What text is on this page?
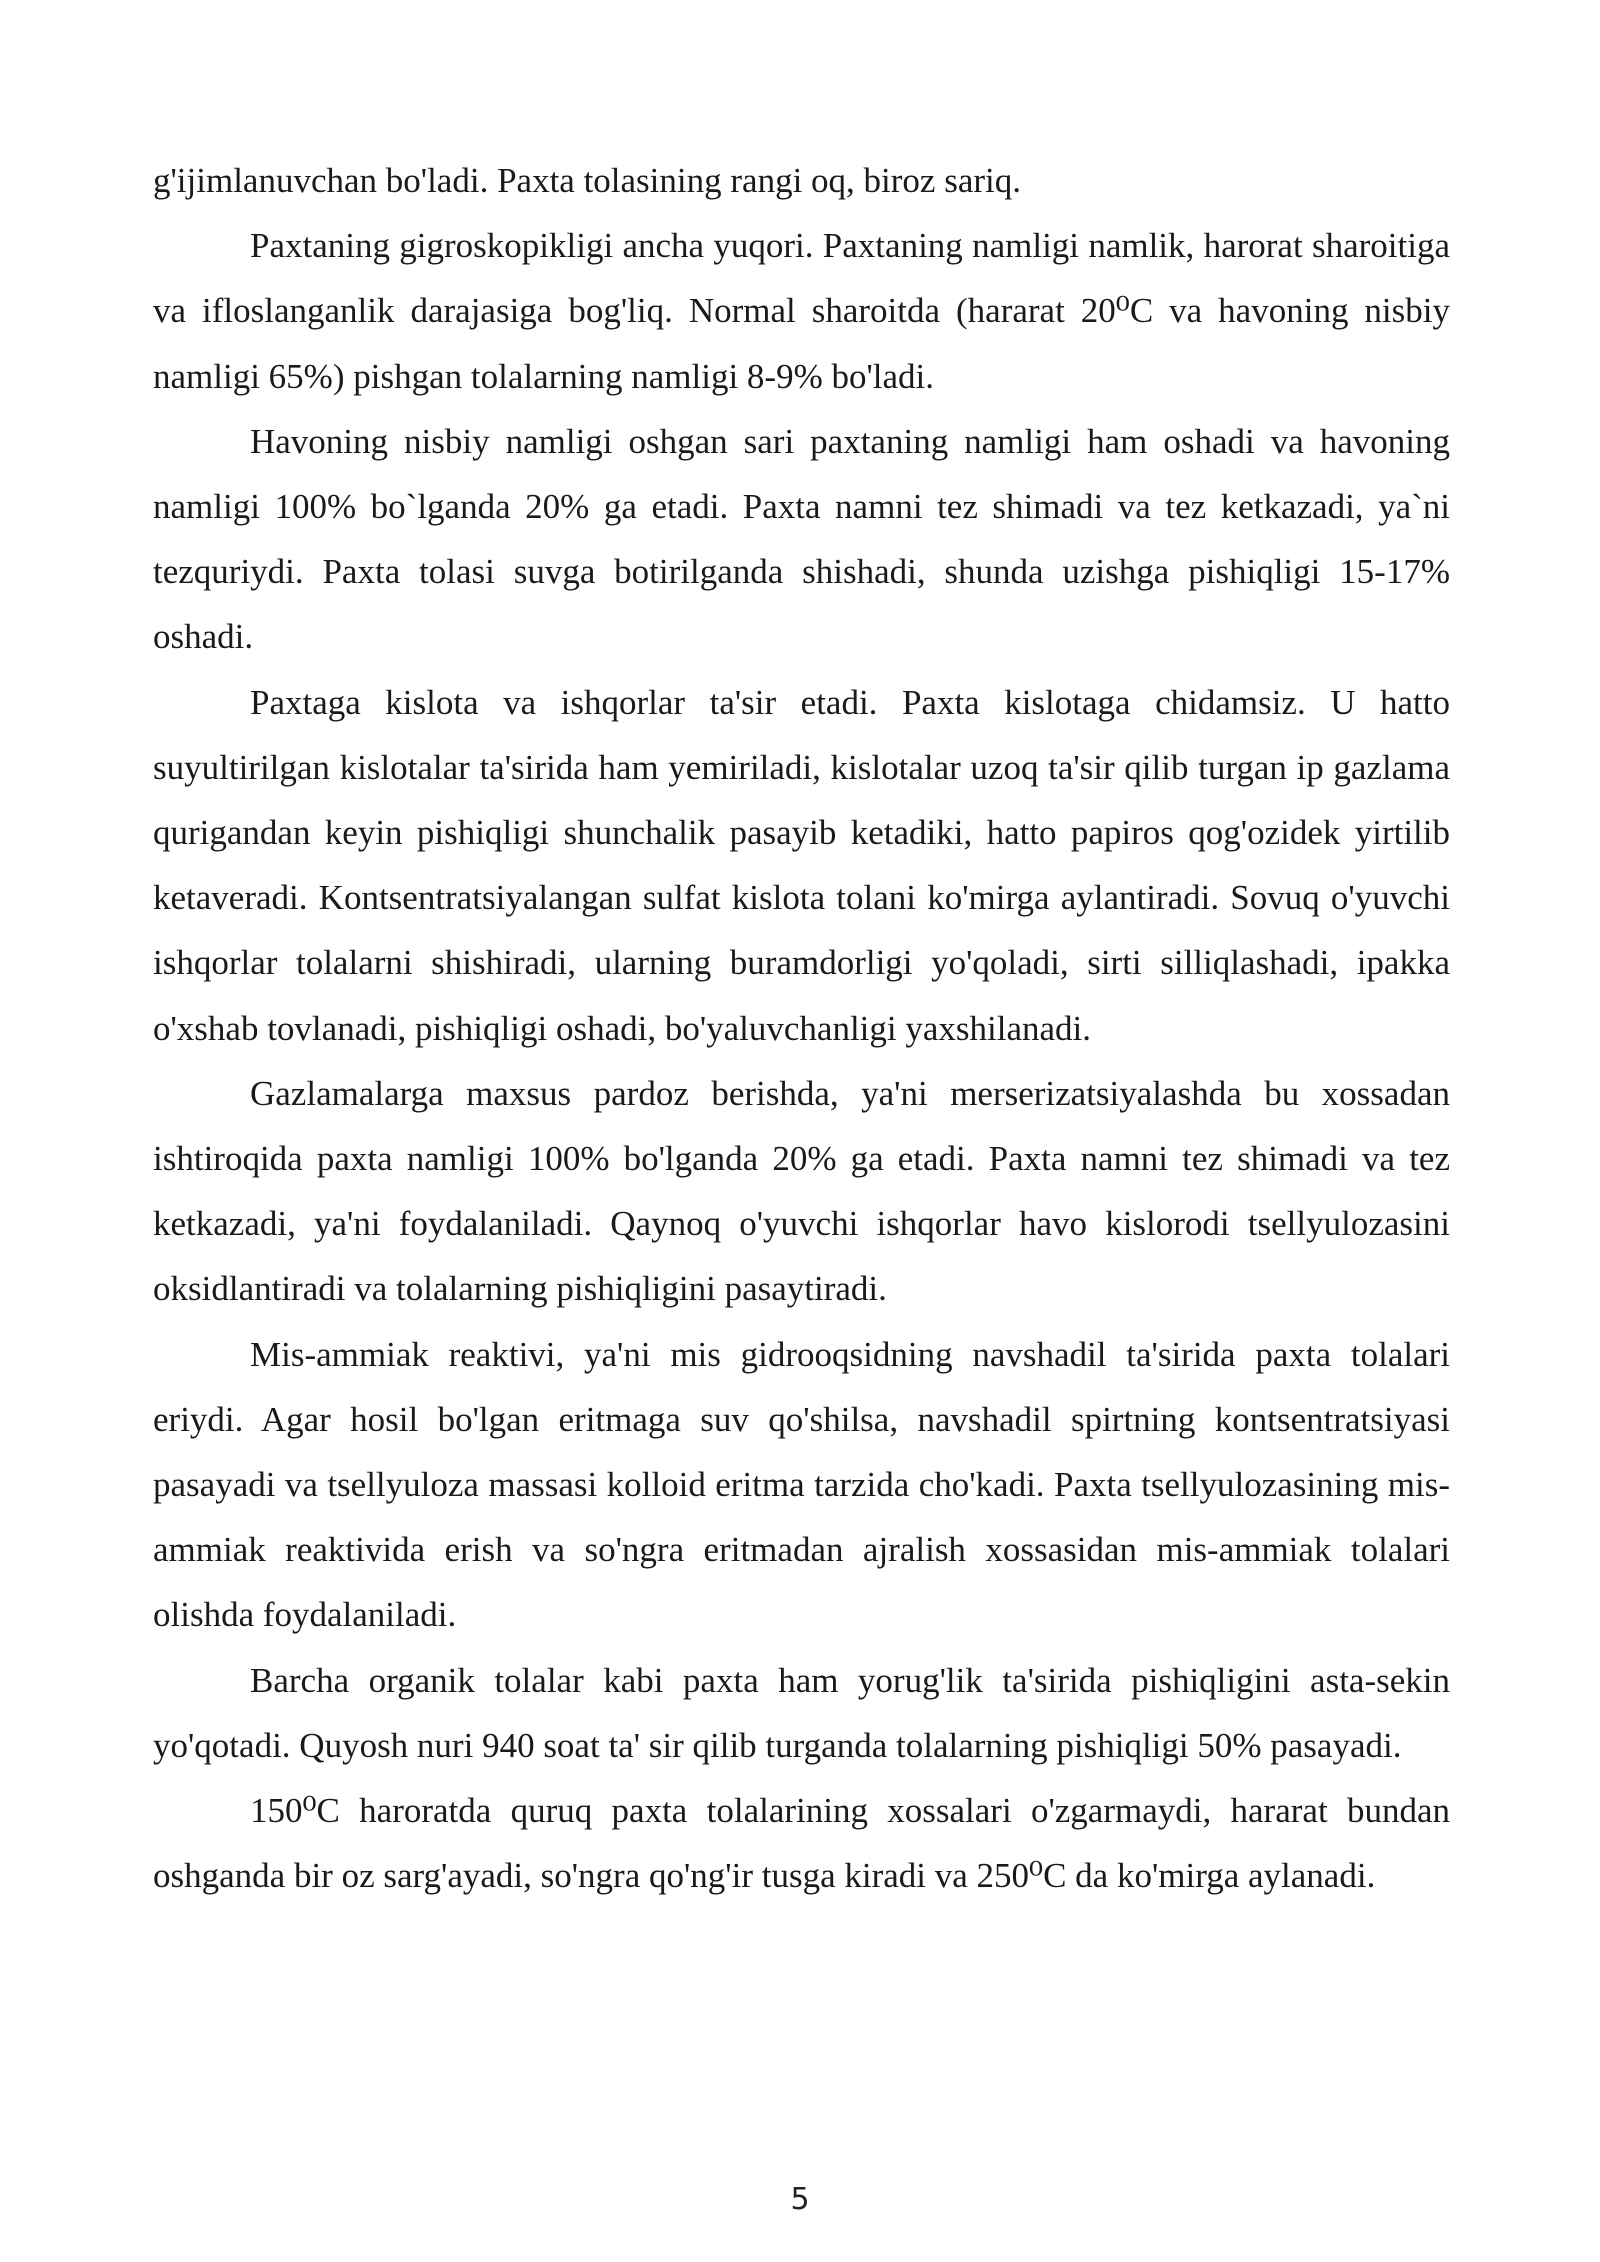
g'ijimlanuvchan bo'ladi. Paxta tolasining rangi oq, biroz sariq.

Paxtaning gigroskopikligi ancha yuqori. Paxtaning namligi namlik, harorat sharoitiga va ifloslanganlik darajasiga bog'liq. Normal sharoitda (hararat 20⁰C va havoning nisbiy namligi 65%) pishgan tolalarning namligi 8-9% bo'ladi.

Havoning nisbiy namligi oshgan sari paxtaning namligi ham oshadi va havoning namligi 100% bo`lganda 20% ga etadi. Paxta namni tez shimadi va tez ketkazadi, ya`ni tezquriydi. Paxta tolasi suvga botirilganda shishadi, shunda uzishga pishiqligi 15-17% oshadi.

Paxtaga kislota va ishqorlar ta'sir etadi. Paxta kislotaga chidamsiz. U hatto suyultirilgan kislotalar ta'sirida ham yemiriladi, kislotalar uzoq ta'sir qilib turgan ip gazlama qurigandan keyin pishiqligi shunchalik pasayib ketadiki, hatto papiros qog'ozidek yirtilib ketaveradi. Kontsentratsiyalangan sulfat kislota tolani ko'mirga aylantiradi. Sovuq o'yuvchi ishqorlar tolalarni shishiradi, ularning buramdorligi yo'qoladi, sirti silliqlashadi, ipakka o'xshab tovlanadi, pishiqligi oshadi, bo'yaluvchanligi yaxshilanadi.

Gazlamalarga maxsus pardoz berishda, ya'ni merserizatsiyalashda bu xossadan ishtiroqida paxta namligi 100% bo'lganda 20% ga etadi. Paxta namni tez shimadi va tez ketkazadi, ya'ni foydalaniladi. Qaynoq o'yuvchi ishqorlar havo kislorodi tsellyulozasini oksidlantiradi va tolalarning pishiqligini pasaytiradi.

Mis-ammiak reaktivi, ya'ni mis gidrooqsidning navshadil ta'sirida paxta tolalari eriydi. Agar hosil bo'lgan eritmaga suv qo'shilsa, navshadil spirtning kontsentratsiyasi pasayadi va tsellyuloza massasi kolloid eritma tarzida cho'kadi. Paxta tsellyulozasining mis-ammiak reaktivida erish va so'ngra eritmadan ajralish xossasidan mis-ammiak tolalari olishda foydalaniladi.

Barcha organik tolalar kabi paxta ham yorug'lik ta'sirida pishiqligini asta-sekin yo'qotadi. Quyosh nuri 940 soat ta' sir qilib turganda tolalarning pishiqligi 50% pasayadi.

150⁰C haroratda quruq paxta tolalarining xossalari o'zgarmaydi, hararat bundan oshganda bir oz sarg'ayadi, so'ngra qo'ng'ir tusga kiradi va 250⁰C da ko'mirga aylanadi.

5
